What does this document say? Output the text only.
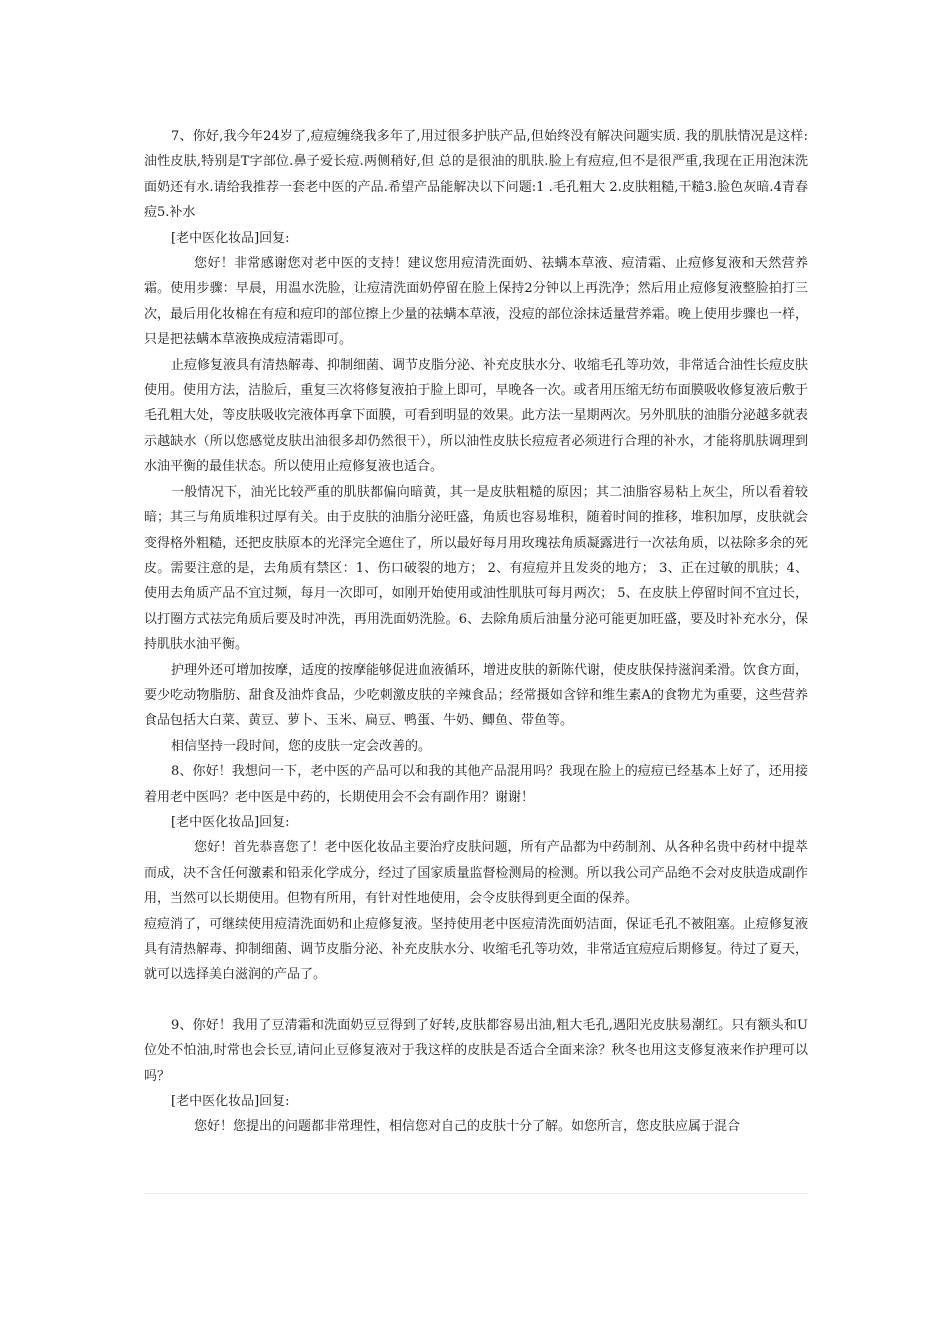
7、你好,我今年24岁了,痘痘缠绕我多年了,用过很多护肤产品,但始终没有解决问题实质. 我的肌肤情况是这样:油性皮肤,特别是T字部位.鼻子爱长痘.两侧稍好,但 总的是很油的肌肤.脸上有痘痘,但不是很严重,我现在正用泡沫洗面奶还有水.请给我推荐一套老中医的产品.希望产品能解决以下问题:1 .毛孔粗大 2.皮肤粗糙,干糙3.脸色灰暗.4青春痘5.补水

[老中医化妆品]回复:

您好！非常感谢您对老中医的支持！建议您用痘清洗面奶、祛螨本草液、痘清霜、止痘修复液和天然营养霜。使用步骤：早晨，用温水洗脸，让痘清洗面奶停留在脸上保持2分钟以上再洗净；然后用止痘修复液整脸拍打三次，最后用化妆棉在有痘和痘印的部位擦上少量的祛螨本草液，没痘的部位涂抹适量营养霜。晚上使用步骤也一样，只是把祛螨本草液换成痘清霜即可。

止痘修复液具有清热解毒、抑制细菌、调节皮脂分泌、补充皮肤水分、收缩毛孔等功效，非常适合油性长痘皮肤使用。使用方法，洁脸后，重复三次将修复液拍于脸上即可，早晚各一次。或者用压缩无纺布面膜吸收修复液后敷于毛孔粗大处，等皮肤吸收完液体再拿下面膜，可看到明显的效果。此方法一星期两次。另外肌肤的油脂分泌越多就表示越缺水（所以您感觉皮肤出油很多却仍然很干），所以油性皮肤长痘痘者必须进行合理的补水，才能将肌肤调理到水油平衡的最佳状态。所以使用止痘修复液也适合。

一般情况下，油光比较严重的肌肤都偏向暗黄，其一是皮肤粗糙的原因；其二油脂容易粘上灰尘，所以看着较暗；其三与角质堆积过厚有关。由于皮肤的油脂分泌旺盛，角质也容易堆积，随着时间的推移，堆积加厚，皮肤就会变得格外粗糙，还把皮肤原本的光泽完全遮住了，所以最好每月用玫瑰祛角质凝露进行一次祛角质，以祛除多余的死皮。需要注意的是，去角质有禁区：1、伤口破裂的地方； 2、有痘痘并且发炎的地方； 3、正在过敏的肌肤；4、使用去角质产品不宜过频，每月一次即可，如刚开始使用或油性肌肤可每月两次； 5、在皮肤上停留时间不宜过长，以打圈方式祛完角质后要及时冲洗，再用洗面奶洗脸。6、去除角质后油量分泌可能更加旺盛，要及时补充水分，保持肌肤水油平衡。

护理外还可增加按摩，适度的按摩能够促进血液循环，增进皮肤的新陈代谢，使皮肤保持滋润柔滑。饮食方面，要少吃动物脂肪、甜食及油炸食品，少吃刺激皮肤的辛辣食品；经常摄如含锌和维生素A的食物尤为重要，这些营养食品包括大白菜、黄豆、萝卜、玉米、扁豆、鸭蛋、牛奶、鲫鱼、带鱼等。

相信坚持一段时间，您的皮肤一定会改善的。

8、你好！我想问一下，老中医的产品可以和我的其他产品混用吗？我现在脸上的痘痘已经基本上好了，还用接着用老中医吗？老中医是中药的，长期使用会不会有副作用？谢谢！

[老中医化妆品]回复:

您好！首先恭喜您了！老中医化妆品主要治疗皮肤问题，所有产品都为中药制剂、从各种名贵中药材中提萃而成，决不含任何激素和铅汞化学成分，经过了国家质量监督检测局的检测。所以我公司产品绝不会对皮肤造成副作用，当然可以长期使用。但物有所用，有针对性地使用，会令皮肤得到更全面的保养。

痘痘消了，可继续使用痘清洗面奶和止痘修复液。坚持使用老中医痘清洗面奶洁面，保证毛孔不被阻塞。止痘修复液具有清热解毒、抑制细菌、调节皮脂分泌、补充皮肤水分、收缩毛孔等功效，非常适宜痘痘后期修复。待过了夏天，就可以选择美白滋润的产品了。

9、你好！我用了豆清霜和洗面奶豆豆得到了好转,皮肤都容易出油,粗大毛孔,遇阳光皮肤易潮红。只有额头和U位处不怕油,时常也会长豆,请问止豆修复液对于我这样的皮肤是否适合全面来涂？秋冬也用这支修复液来作护理可以吗？

[老中医化妆品]回复:

您好！您提出的问题都非常理性，相信您对自己的皮肤十分了解。如您所言，您皮肤应属于混合
